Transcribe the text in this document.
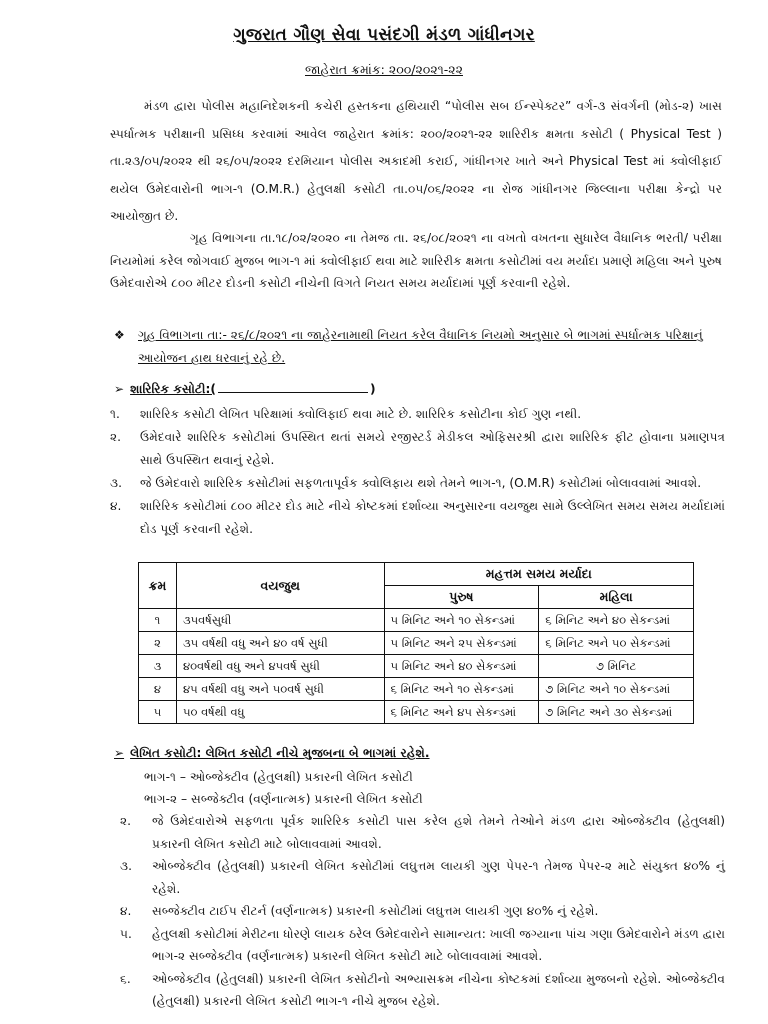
ગુજરાત ગૌણ સેવા પસંદગી મંડળ ગાંધીનગર
જાહેરાત ક્રમાંક: ૨૦૦/૨૦૨૧-૨૨
મંડળ દ્વારા પોલીસ મહાનિદેશકની કચેરી હસ્તકના હથિયારી “પોલીસ સબ ઈન્સ્પેક્ટર” વર્ગ-૩ સંવર્ગની (મોડ-૨) ખાસ સ્પર્ધાત્મક પરીક્ષાની પ્રસિધ્ધ કરવામાં આવેલ જાહેરાત ક્રમાંક: ૨૦૦/૨૦૨૧-૨૨ શારિરીક ક્ષમતા કસોટી ( Physical Test ) તા.૨૩/૦૫/૨૦૨૨ થી ૨૬/૦૫/૨૦૨૨ દરમિયાન પોલીસ અકાદમી કરાઈ, ગાંધીનગર ખાતે અને Physical Test માં ક્વોલીફાઈ થયેલ ઉમેદવારોની ભાગ-૧ (O.M.R.) હેતુલક્ષી કસોટી તા.૦૫/૦૬/૨૦૨૨ ના રોજ ગાંધીનગર જિલ્લાના પરીક્ષા કેન્દ્રો પર આયોજીત છે.
ગૃહ વિભાગના તા.૧૮/૦૨/૨૦૨૦ ના તેમજ તા. ૨૬/૦૮/૨૦૨૧ ના વખતો વખતના સુધારેલ વૈધાનિક ભરતી/ પરીક્ષા નિયમોમાં કરેલ જોગવાઈ મુજબ ભાગ-૧ માં ક્વોલીફાઈ થવા માટે શારિરીક ક્ષમતા કસોટીમાં વય મર્યાદા પ્રમાણે મહિલા અને પુરુષ ઉમેદવારોએ ૮૦૦ મીટર દોડની કસોટી નીચેની વિગતે નિયત સમય મર્યાદામાં પૂર્ણ કરવાની રહેશે.
❖	ગૃહ વિભાગના તા:- ૨૬/૮/૨૦૨૧ ના જાહેરનામાથી નિયત કરેલ વૈધાનિક નિયમો અનુસાર બે ભાગમાં સ્પર્ધાત્મક પરિક્ષાનું આયોજન હાથ ધરવાનું રહે છે.
➢ શારિરિક કસોટી:(	)
૧. શારિરિક કસોટી લેખિત પરિક્ષામાં ક્વોલિફાઈ થવા માટે છે. શારિરિક કસોટીના કોઈ ગુણ નથી.
૨. ઉમેદવારે શારિરિક કસોટીમાં ઉપસ્થિત થતાં સમયે રજીસ્ટર્ડ મેડીકલ ઓફિસરશ્રી દ્વારા શારિરિક ફીટ હોવાના પ્રમાણપત્ર સાથે ઉપસ્થિત થવાનું રહેશે.
૩. જે ઉમેદવારો શારિરિક કસોટીમાં સફળતાપૂર્વક ક્વોલિફાય થશે તેમને ભાગ-૧, (O.M.R) કસોટીમાં બોલાવવામાં આવશે.
૪. શારિરિક કસોટીમાં ૮૦૦ મીટર દોડ માટે નીચે કોષ્ટકમાં દર્શાવ્યા અનુસારના વયજુથ સામે ઉલ્લેખિત સમય સમય મર્યાદામાં દોડ પૂર્ણ કરવાની રહેશે.
ક્રમ	વયજુથ	મહત્તમ સમય મર્યાદા	
		પુરુષ	મહિલા
૧	૩૫વર્ષસુધી	૫ મિનિટ અને ૧૦ સેકન્ડમાં	૬ મિનિટ અને ૪૦ સેકન્ડમાં
૨	૩૫ વર્ષથી વધુ અને ૪૦ વર્ષ સુધી	૫ મિનિટ અને ૨૫ સેકન્ડમાં	૬ મિનિટ અને ૫૦ સેકન્ડમાં
૩	૪૦વર્ષથી વધુ અને ૪૫વર્ષ સુધી	૫ મિનિટ અને ૪૦ સેકન્ડમાં	૭ મિનિટ
૪	૪૫ વર્ષથી વધુ અને ૫૦વર્ષ સુધી	૬ મિનિટ અને ૧૦ સેકન્ડમાં	૭ મિનિટ અને ૧૦ સેકન્ડમાં
૫	૫૦ વર્ષથી વધુ	૬ મિનિટ અને ૪૫ સેકન્ડમાં	૭ મિનિટ અને ૩૦ સેકન્ડમાં
➢ લેખિત કસોટી: લેખિત કસોટી નીચે મુજબના બે ભાગમાં રહેશે.
ભાગ-૧ – ઓબ્જેક્ટીવ (હેતુલક્ષી) પ્રકારની લેખિત કસોટી
ભાગ-૨ – સબ્જેક્ટીવ (વર્ણનાત્મક) પ્રકારની લેખિત કસોટી
૨. જે ઉમેદવારોએ સફળતા પૂર્વક શારિરિક કસોટી પાસ કરેલ હશે તેમને તેઓને મંડળ દ્વારા ઓબ્જેક્ટીવ (હેતુલક્ષી) પ્રકારની લેખિત કસોટી માટે બોલાવવામાં આવશે.
૩. ઓબ્જેક્ટીવ (હેતુલક્ષી) પ્રકારની લેખિત કસોટીમાં લઘુત્તમ લાયકી ગુણ પેપર-૧ તેમજ પેપર-૨ માટે સંયુક્ત ૪૦% નું રહેશે.
૪. સબ્જેક્ટીવ ટાઈપ રીટર્ન (વર્ણનાત્મક) પ્રકારની કસોટીમાં લઘુત્તમ લાયકી ગુણ ૪૦% નું રહેશે.
૫. હેતુલક્ષી કસોટીમાં મેરીટના ધોરણે લાયક ઠરેલ ઉમેદવારોને સામાન્યત: ખાલી જગ્યાના પાંચ ગણા ઉમેદવારોને મંડળ દ્વારા ભાગ-૨ સબ્જેક્ટીવ (વર્ણનાત્મક) પ્રકારની લેખિત કસોટી માટે બોલાવવામાં આવશે.
૬. ઓબ્જેક્ટીવ (હેતુલક્ષી) પ્રકારની લેખિત કસોટીનો અભ્યાસક્રમ નીચેના કોષ્ટકમાં દર્શાવ્યા મુજબનો રહેશે. ઓબ્જેક્ટીવ (હેતુલક્ષી) પ્રકારની લેખિત કસોટી ભાગ-૧ નીચે મુજબ રહેશે.
